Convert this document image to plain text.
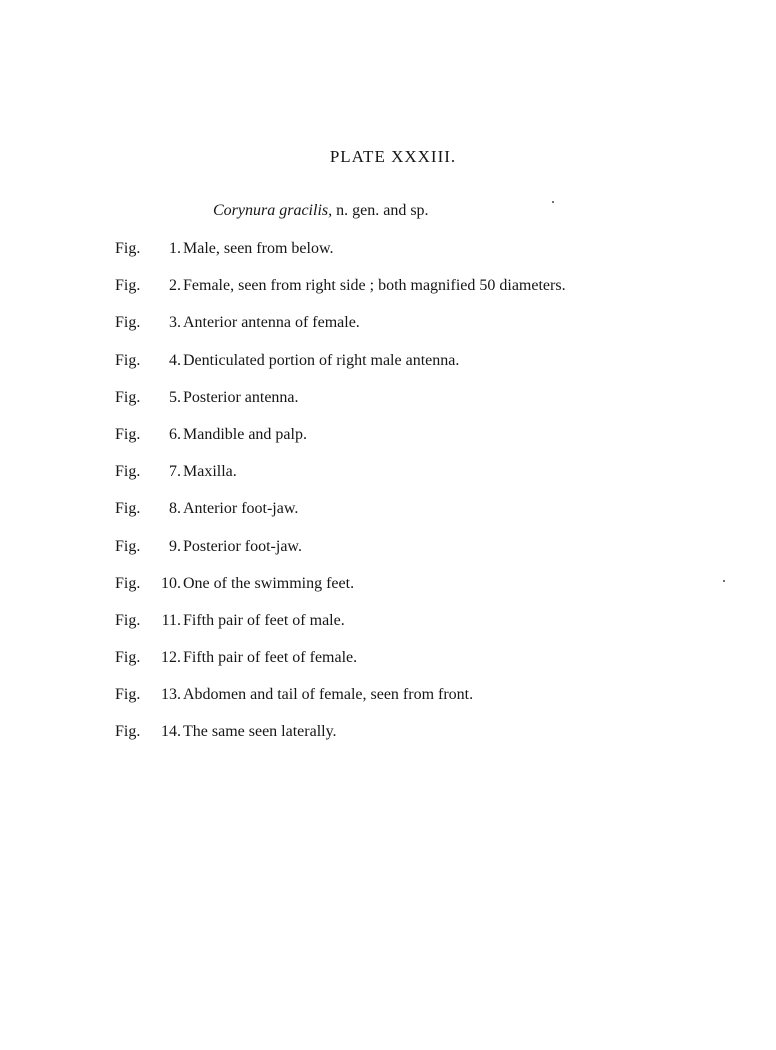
PLATE XXXIII.
Corynura gracilis, n. gen. and sp.
Fig. 1. Male, seen from below.
Fig. 2. Female, seen from right side ; both magnified 50 diameters.
Fig. 3. Anterior antenna of female.
Fig. 4. Denticulated portion of right male antenna.
Fig. 5. Posterior antenna.
Fig. 6. Mandible and palp.
Fig. 7. Maxilla.
Fig. 8. Anterior foot-jaw.
Fig. 9. Posterior foot-jaw.
Fig. 10. One of the swimming feet.
Fig. 11. Fifth pair of feet of male.
Fig. 12. Fifth pair of feet of female.
Fig. 13. Abdomen and tail of female, seen from front.
Fig. 14. The same seen laterally.
